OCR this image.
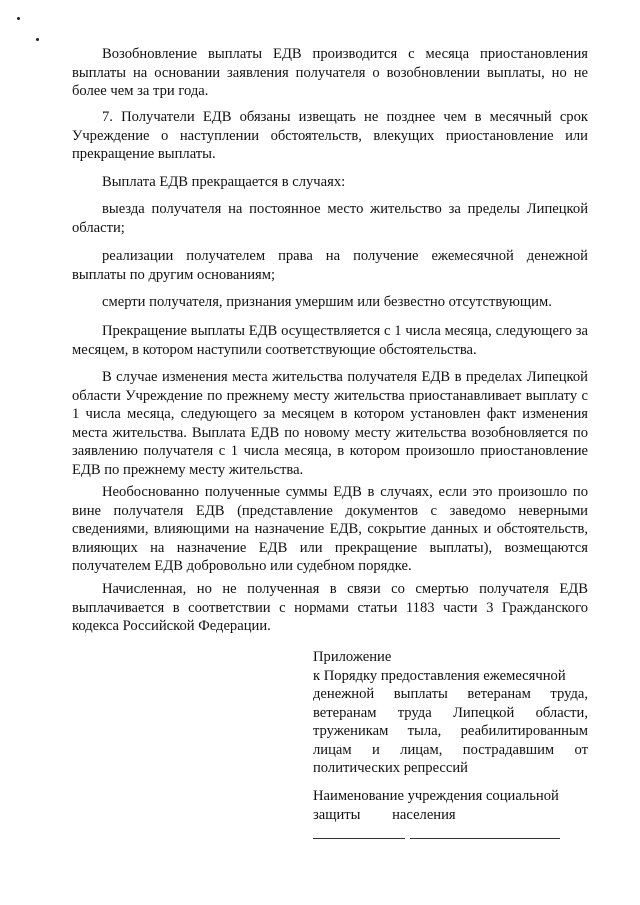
Возобновление выплаты ЕДВ производится с месяца приостановления выплаты на основании заявления получателя о возобновлении выплаты, но не более чем за три года.

7. Получатели ЕДВ обязаны извещать не позднее чем в месячный срок Учреждение о наступлении обстоятельств, влекущих приостановление или прекращение выплаты.

Выплата ЕДВ прекращается в случаях:

выезда получателя на постоянное место жительство за пределы Липецкой области;

реализации получателем права на получение ежемесячной денежной выплаты по другим основаниям;

смерти получателя, признания умершим или безвестно отсутствующим.

Прекращение выплаты ЕДВ осуществляется с 1 числа месяца, следующего за месяцем, в котором наступили соответствующие обстоятельства.

В случае изменения места жительства получателя ЕДВ в пределах Липецкой области Учреждение по прежнему месту жительства приостанавливает выплату с 1 числа месяца, следующего за месяцем в котором установлен факт изменения места жительства. Выплата ЕДВ по новому месту жительства возобновляется по заявлению получателя с 1 числа месяца, в котором произошло приостановление ЕДВ по прежнему месту жительства.

Необоснованно полученные суммы ЕДВ в случаях, если это произошло по вине получателя ЕДВ (представление документов с заведомо неверными сведениями, влияющими на назначение ЕДВ, сокрытие данных и обстоятельств, влияющих на назначение ЕДВ или прекращение выплаты), возмещаются получателем ЕДВ добровольно или судебном порядке.

Начисленная, но не полученная в связи со смертью получателя ЕДВ выплачивается в соответствии с нормами статьи 1183 части 3 Гражданского кодекса Российской Федерации.

Приложение
к Порядку предоставления ежемесячной
денежной выплаты ветеранам труда,
ветеранам труда Липецкой области,
труженикам тыла, реабилитированным
лицам и лицам, пострадавшим от
политических репрессий
Наименование учреждения социальной
защиты населения
